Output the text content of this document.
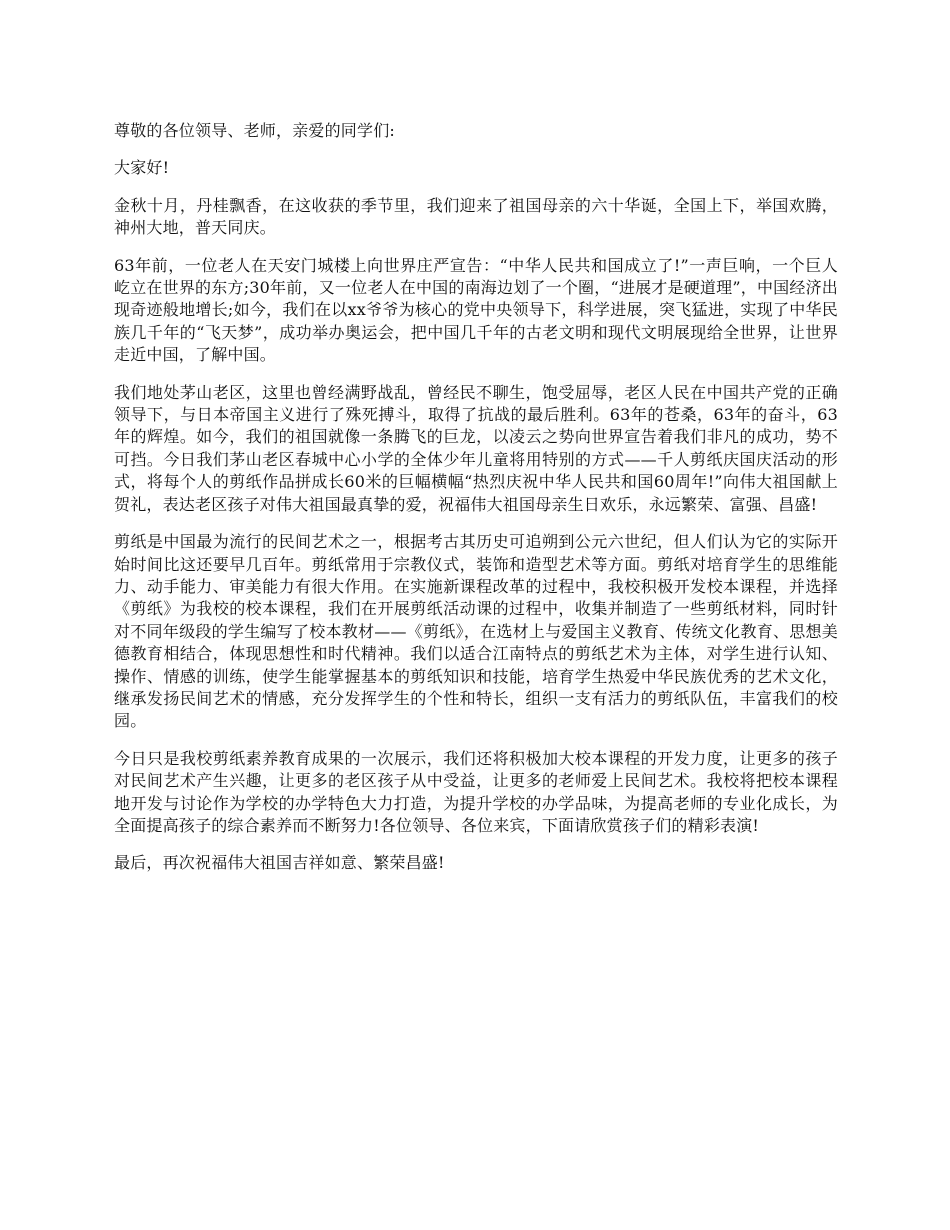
尊敬的各位领导、老师，亲爱的同学们:

大家好!

金秋十月，丹桂飘香，在这收获的季节里，我们迎来了祖国母亲的六十华诞，全国上下，举国欢腾，神州大地，普天同庆。

63年前，一位老人在天安门城楼上向世界庄严宣告：“中华人民共和国成立了!”一声巨响，一个巨人屹立在世界的东方;30年前，又一位老人在中国的南海边划了一个圈，“进展才是硬道理”，中国经济出现奇迹般地增长;如今，我们在以xx爷爷为核心的党中央领导下，科学进展，突飞猛进，实现了中华民族几千年的“飞天梦”，成功举办奥运会，把中国几千年的古老文明和现代文明展现给全世界，让世界走近中国，了解中国。

我们地处茅山老区，这里也曾经满野战乱，曾经民不聊生，饱受屈辱，老区人民在中国共产党的正确领导下，与日本帝国主义进行了殊死搏斗，取得了抗战的最后胜利。63年的苍桑，63年的奋斗，63年的辉煌。如今，我们的祖国就像一条腾飞的巨龙，以凌云之势向世界宣告着我们非凡的成功，势不可挡。今日我们茅山老区春城中心小学的全体少年儿童将用特别的方式——千人剪纸庆国庆活动的形式，将每个人的剪纸作品拼成长60米的巨幅横幅“热烈庆祝中华人民共和国60周年!”向伟大祖国献上贺礼，表达老区孩子对伟大祖国最真挚的爱，祝福伟大祖国母亲生日欢乐，永远繁荣、富强、昌盛!

剪纸是中国最为流行的民间艺术之一，根据考古其历史可追朔到公元六世纪，但人们认为它的实际开始时间比这还要早几百年。剪纸常用于宗教仪式，装饰和造型艺术等方面。剪纸对培育学生的思维能力、动手能力、审美能力有很大作用。在实施新课程改革的过程中，我校积极开发校本课程，并选择《剪纸》为我校的校本课程，我们在开展剪纸活动课的过程中，收集并制造了一些剪纸材料，同时针对不同年级段的学生编写了校本教材——《剪纸》，在选材上与爱国主义教育、传统文化教育、思想美德教育相结合，体现思想性和时代精神。我们以适合江南特点的剪纸艺术为主体，对学生进行认知、操作、情感的训练，使学生能掌握基本的剪纸知识和技能，培育学生热爱中华民族优秀的艺术文化，继承发扬民间艺术的情感，充分发挥学生的个性和特长，组织一支有活力的剪纸队伍，丰富我们的校园。

今日只是我校剪纸素养教育成果的一次展示，我们还将积极加大校本课程的开发力度，让更多的孩子对民间艺术产生兴趣，让更多的老区孩子从中受益，让更多的老师爱上民间艺术。我校将把校本课程地开发与讨论作为学校的办学特色大力打造，为提升学校的办学品味，为提高老师的专业化成长，为全面提高孩子的综合素养而不断努力!各位领导、各位来宾，下面请欣赏孩子们的精彩表演!

最后，再次祝福伟大祖国吉祥如意、繁荣昌盛!
